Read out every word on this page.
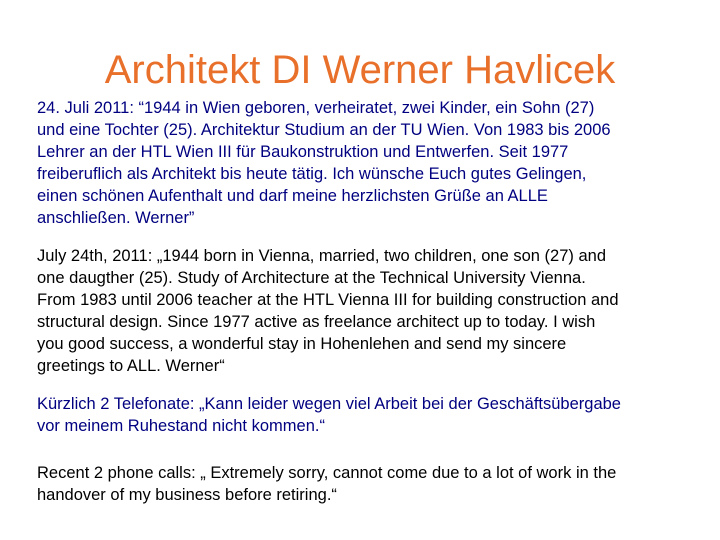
Architekt DI Werner Havlicek

24. Juli 2011: “1944 in Wien geboren, verheiratet, zwei Kinder, ein Sohn (27)
und eine Tochter (25). Architektur Studium an der TU Wien. Von 1983 bis 2006
Lehrer an der HTL Wien III für Baukonstruktion und Entwerfen. Seit 1977
freiberuflich als Architekt bis heute tätig. Ich wünsche Euch gutes Gelingen,
einen schönen Aufenthalt und darf meine herzlichsten Grüße an ALLE
anschließen. Werner”

July 24th, 2011: „1944 born in Vienna, married, two children, one son (27) and
one daugther (25). Study of Architecture at the Technical University Vienna.
From 1983 until 2006 teacher at the HTL Vienna III for building construction and
structural design. Since 1977 active as freelance architect up to today. I wish
you good success, a wonderful stay in Hohenlehen and send my sincere
greetings to ALL. Werner“

Kürzlich 2 Telefonate: „Kann leider wegen viel Arbeit bei der Geschäftsübergabe
vor meinem Ruhestand nicht kommen.“

Recent 2 phone calls: „ Extremely sorry, cannot come due to a lot of work in the
handover of my business before retiring.“
